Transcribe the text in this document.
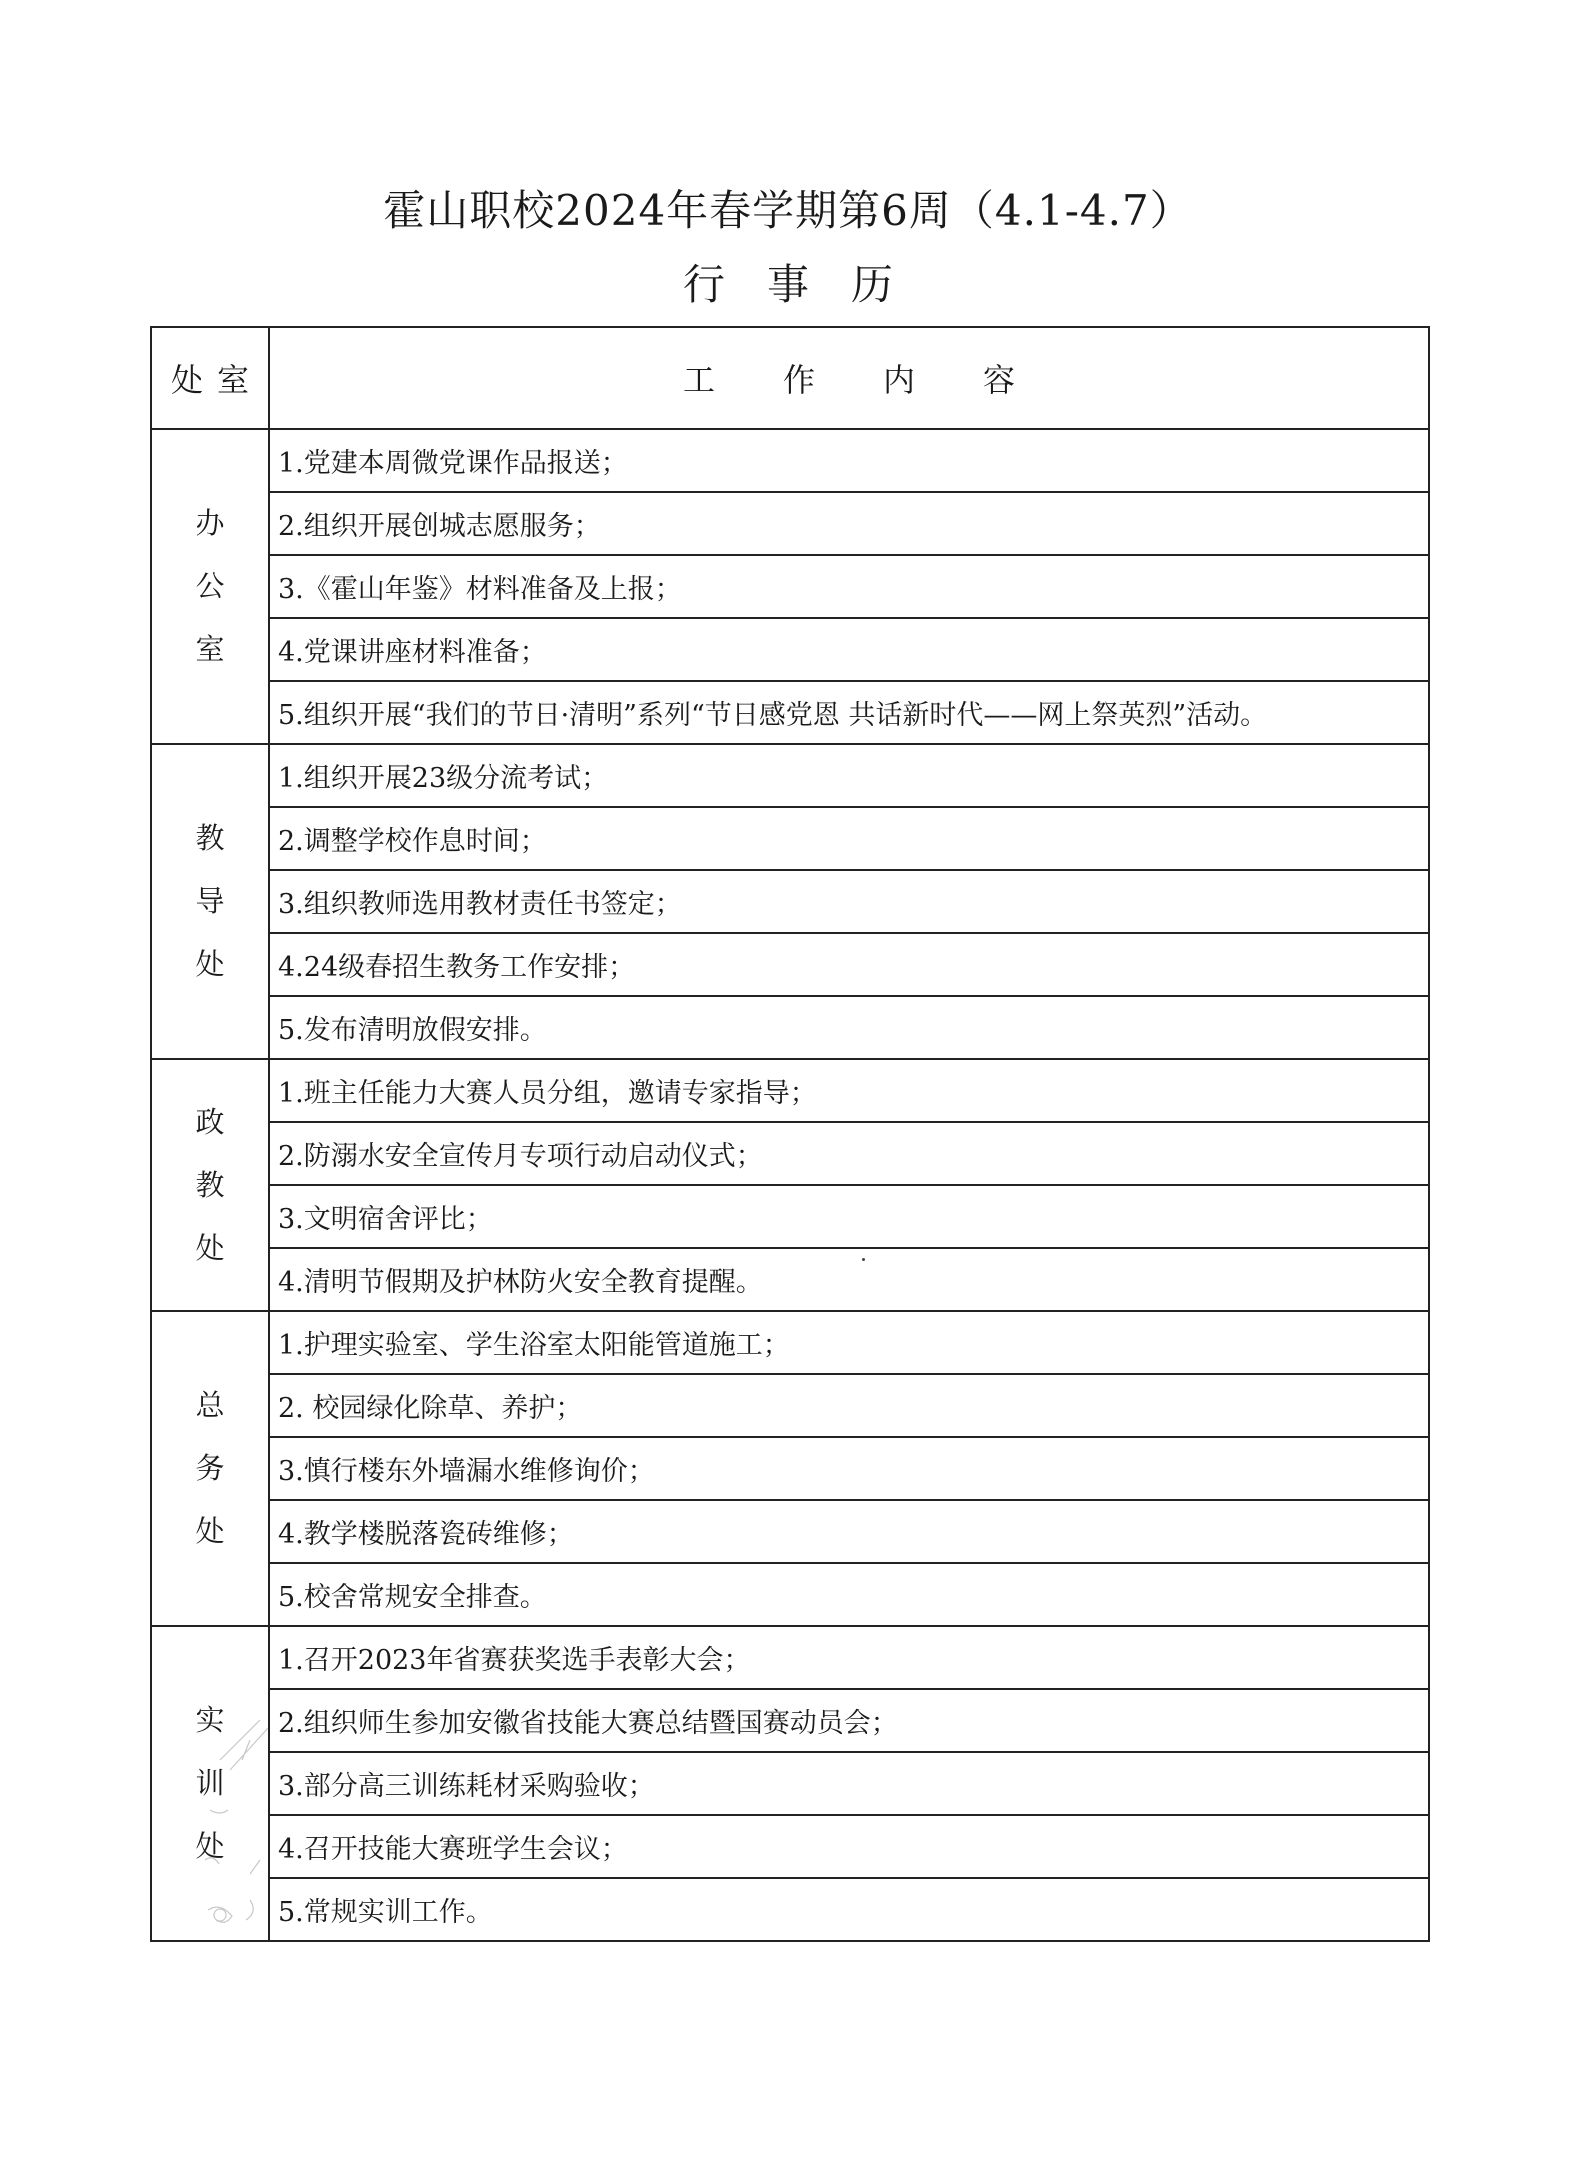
霍山职校2024年春学期第6周（4.1-4.7）
行事历
处室	工作内容
办公室	1.党建本周微党课作品报送；
	2.组织开展创城志愿服务；
	3.《霍山年鉴》材料准备及上报；
	4.党课讲座材料准备；
	5.组织开展“我们的节日·清明”系列“节日感党恩 共话新时代——网上祭英烈”活动。
教导处	1.组织开展23级分流考试；
	2.调整学校作息时间；
	3.组织教师选用教材责任书签定；
	4.24级春招生教务工作安排；
	5.发布清明放假安排。
政教处	1.班主任能力大赛人员分组，邀请专家指导；
	2.防溺水安全宣传月专项行动启动仪式；
	3.文明宿舍评比；
	4.清明节假期及护林防火安全教育提醒。
总务处	1.护理实验室、学生浴室太阳能管道施工；
	2. 校园绿化除草、养护；
	3.慎行楼东外墙漏水维修询价；
	4.教学楼脱落瓷砖维修；
	5.校舍常规安全排查。
实训处	1.召开2023年省赛获奖选手表彰大会；
	2.组织师生参加安徽省技能大赛总结暨国赛动员会；
	3.部分高三训练耗材采购验收；
	4.召开技能大赛班学生会议；
	5.常规实训工作。
